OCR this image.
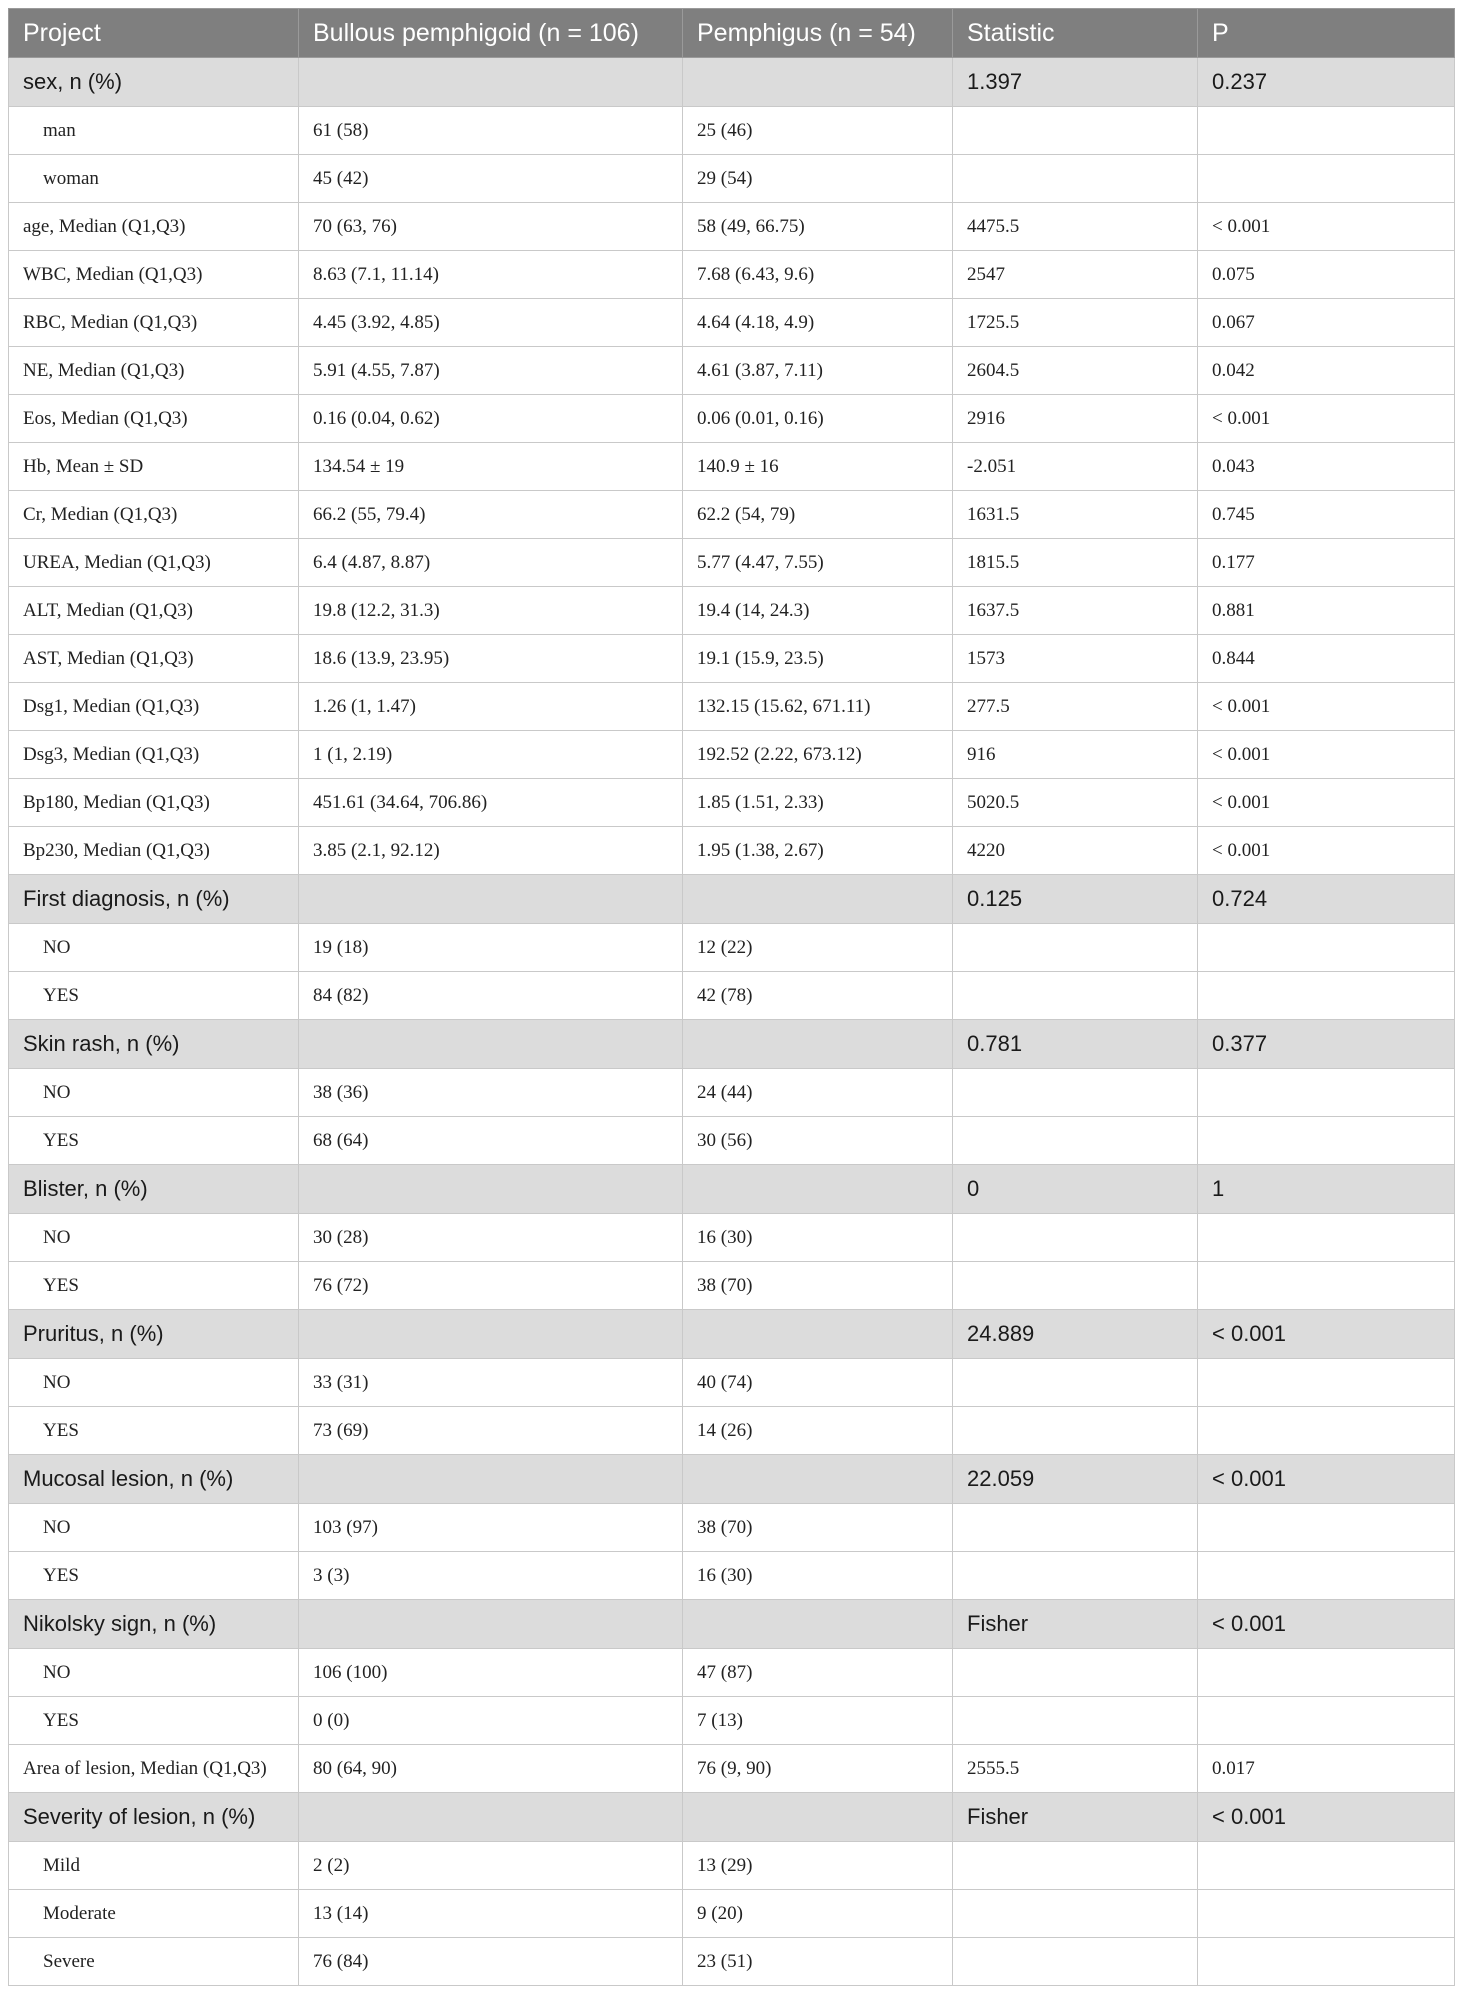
Project	Bullous pemphigoid (n = 106)	Pemphigus (n = 54)	Statistic	P
sex, n (%)			1.397	0.237
man	61 (58)	25 (46)		
woman	45 (42)	29 (54)		
age, Median (Q1,Q3)	70 (63, 76)	58 (49, 66.75)	4475.5	< 0.001
WBC, Median (Q1,Q3)	8.63 (7.1, 11.14)	7.68 (6.43, 9.6)	2547	0.075
RBC, Median (Q1,Q3)	4.45 (3.92, 4.85)	4.64 (4.18, 4.9)	1725.5	0.067
NE, Median (Q1,Q3)	5.91 (4.55, 7.87)	4.61 (3.87, 7.11)	2604.5	0.042
Eos, Median (Q1,Q3)	0.16 (0.04, 0.62)	0.06 (0.01, 0.16)	2916	< 0.001
Hb, Mean ± SD	134.54 ± 19	140.9 ± 16	-2.051	0.043
Cr, Median (Q1,Q3)	66.2 (55, 79.4)	62.2 (54, 79)	1631.5	0.745
UREA, Median (Q1,Q3)	6.4 (4.87, 8.87)	5.77 (4.47, 7.55)	1815.5	0.177
ALT, Median (Q1,Q3)	19.8 (12.2, 31.3)	19.4 (14, 24.3)	1637.5	0.881
AST, Median (Q1,Q3)	18.6 (13.9, 23.95)	19.1 (15.9, 23.5)	1573	0.844
Dsg1, Median (Q1,Q3)	1.26 (1, 1.47)	132.15 (15.62, 671.11)	277.5	< 0.001
Dsg3, Median (Q1,Q3)	1 (1, 2.19)	192.52 (2.22, 673.12)	916	< 0.001
Bp180, Median (Q1,Q3)	451.61 (34.64, 706.86)	1.85 (1.51, 2.33)	5020.5	< 0.001
Bp230, Median (Q1,Q3)	3.85 (2.1, 92.12)	1.95 (1.38, 2.67)	4220	< 0.001
First diagnosis, n (%)			0.125	0.724
NO	19 (18)	12 (22)		
YES	84 (82)	42 (78)		
Skin rash, n (%)			0.781	0.377
NO	38 (36)	24 (44)		
YES	68 (64)	30 (56)		
Blister, n (%)			0	1
NO	30 (28)	16 (30)		
YES	76 (72)	38 (70)		
Pruritus, n (%)			24.889	< 0.001
NO	33 (31)	40 (74)		
YES	73 (69)	14 (26)		
Mucosal lesion, n (%)			22.059	< 0.001
NO	103 (97)	38 (70)		
YES	3 (3)	16 (30)		
Nikolsky sign, n (%)			Fisher	< 0.001
NO	106 (100)	47 (87)		
YES	0 (0)	7 (13)		
Area of lesion, Median (Q1,Q3)	80 (64, 90)	76 (9, 90)	2555.5	0.017
Severity of lesion, n (%)			Fisher	< 0.001
Mild	2 (2)	13 (29)		
Moderate	13 (14)	9 (20)		
Severe	76 (84)	23 (51)		
